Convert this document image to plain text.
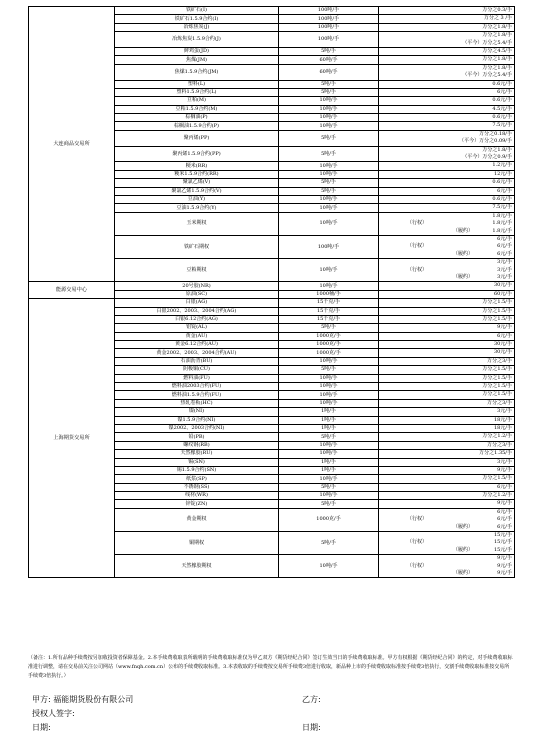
大连商品交易所	铁矿石(I)	100吨/手	万分之0.3/手

	铁矿石1.5.9合约(I)	100吨/手	万分之 3 /手

	冶炼焦炭(J)	100吨/手	万分之1.8/手

	冶炼焦炭1.5.9合约(J)	100吨/手	万分之1.8/手
（平今）万分之5.4/手

	鲜鸡蛋(JD)	5吨/手	万分之4.5/手

	焦煤(JM)	60吨/手	万分之1.8/手

	焦煤1.5.9合约(JM)	60吨/手	万分之1.8/手
（平今）万分之5.4/手

	塑料(L)	5吨/手	0.6元/手

	塑料1.5.9合约(L)	5吨/手	6元/手

	豆粕(M)	10吨/手	0.6元/手

	豆粕1.5.9合约(M)	10吨/手	4.5元/手

	棕榈油(P)	10吨/手	0.6元/手

	棕榈油1.5.9合约(P)	10吨/手	7.5元/手

	聚丙烯(PP)	5吨/手	万分之0.18/手
（平今）万分之0.09/手

	聚丙烯1.5.9合约(PP)	5吨/手	万分之1.8/手
（平今）万分之0.9/手

	粳米(RR)	10吨/手	1.2元/手

	粳米1.5.9合约(RR)	10吨/手	12元/手

	聚氯乙烯(V)	5吨/手	0.6元/手

	聚氯乙烯1.5.9合约(V)	5吨/手	6元/手

	豆油(Y)	10吨/手	0.6元/手

	豆油1.5.9合约(Y)	10吨/手	7.5元/手

	玉米期权	10吨/手	1.8元/手
（行权） 1.8元/手
（履约） 1.8元/手

	铁矿石期权	100吨/手	6元/手
（行权） 6元/手
（履约） 6元/手

	豆粕期权	10吨/手	3元/手
（行权） 3元/手
（履约） 3元/手

能源交易中心	20号胶(NR)	10吨/手	30元/手

	原油(SC)	1000桶/手	60元/手

上海期货交易所	白银(AG)	15千克/手	万分之1.5/手

	白银2002、2003、2004合约(AG)	15千克/手	万分之1.5/手

	白银6.12合约(AG)	15千克/手	万分之1.5/手

	铝锭(AL)	5吨/手	9元/手

	黄金(AU)	1000克/手	6元/手

	黄金6.12合约(AU)	1000克/手	30元/手

	黄金2002、2003、2004合约(AU)	1000克/手	30元/手

	石油沥青(BU)	10吨/手	万分之3/手

	阴极铜(CU)	5吨/手	万分之1.5/手

	燃料油(FU)	10吨/手	万分之1.5/手

	燃料油2003合约(FU)	10吨/手	万分之1.5/手

	燃料油1.5.9合约(FU)	10吨/手	万分之1.5/手

	热轧卷板(HC)	10吨/手	万分之3/手

	镍(NI)	1吨/手	3元/手

	镍1.5.9合约(NI)	1吨/手	18元/手

	镍2002、2003合约(NI)	1吨/手	18元/手

	铅(PB)	5吨/手	万分之1.2/手

	螺纹钢(RB)	10吨/手	万分之3/手

	天然橡胶(RU)	10吨/手	万分之1.35/手

	锡(SN)	1吨/手	3元/手

	锡1.5.9合约(SN)	1吨/手	9元/手

	纸浆(SP)	10吨/手	万分之1.5/手

	不锈钢(SS)	5吨/手	6元/手

	线材(WR)	10吨/手	万分之1.2/手

	锌锭(ZN)	5吨/手	9元/手

	黄金期权	1000克/手	6元/手
（行权） 6元/手
（履约） 6元/手

	铜期权	5吨/手	15元/手
（行权） 15元/手
（履约） 15元/手

	天然橡胶期权	10吨/手	9元/手
（行权） 9元/手
（履约） 9元/手
（备注：1.所有品种手续费按另加收投资者保障基金。2.本手续费收取表所载明的手续费收取标准仅为甲乙双方《期货经纪合同》签订生效当日的手续费收取标准。甲方有权根据《期货经纪合同》的约定，对手续费收取标准进行调整，请在交易前关注公司网站（www.fnqh.com.cn）公布的手续费收取标准。3.本表收取的手续费按交易所手续费3倍进行收取，新品种上市的手续费收取标准按手续费3倍执行，交割手续费收取标准按交易所手续费3倍执行。）
甲方: 福能期货股份有限公司	乙方:
授权人签字:
日期:	日期:
